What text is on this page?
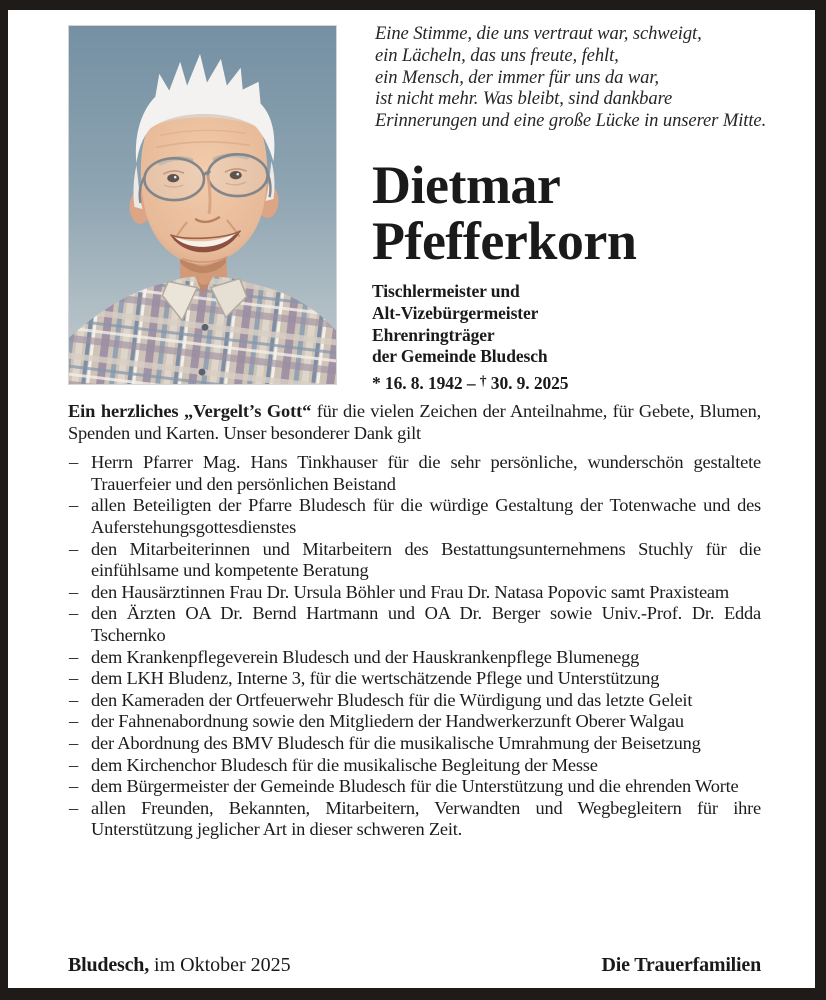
Eine Stimme, die uns vertraut war, schweigt,
ein Lächeln, das uns freute, fehlt,
ein Mensch, der immer für uns da war,
ist nicht mehr. Was bleibt, sind dankbare
Erinnerungen und eine große Lücke in unserer Mitte.
Dietmar
Pfefferkorn
Tischlermeister und
Alt-Vizebürgermeister
Ehrenringträger
der Gemeinde Bludesch
* 16. 8. 1942 – † 30. 9. 2025
Ein herzliches „Vergelt’s Gott“ für die vielen Zeichen der Anteilnahme, für Gebete, Blumen, Spenden und Karten. Unser besonderer Dank gilt
– Herrn Pfarrer Mag. Hans Tinkhauser für die sehr persönliche, wunderschön gestaltete Trauerfeier und den persönlichen Beistand
– allen Beteiligten der Pfarre Bludesch für die würdige Gestaltung der Totenwache und des Auferstehungsgottesdienstes
– den Mitarbeiterinnen und Mitarbeitern des Bestattungsunternehmens Stuchly für die einfühlsame und kompetente Beratung
– den Hausärztinnen Frau Dr. Ursula Böhler und Frau Dr. Natasa Popovic samt Praxisteam
– den Ärzten OA Dr. Bernd Hartmann und OA Dr. Berger sowie Univ.-Prof. Dr. Edda Tschernko
– dem Krankenpflegeverein Bludesch und der Hauskrankenpflege Blumenegg
– dem LKH Bludenz, Interne 3, für die wertschätzende Pflege und Unterstützung
– den Kameraden der Ortfeuerwehr Bludesch für die Würdigung und das letzte Geleit
– der Fahnenabordnung sowie den Mitgliedern der Handwerkerzunft Oberer Walgau
– der Abordnung des BMV Bludesch für die musikalische Umrahmung der Beisetzung
– dem Kirchenchor Bludesch für die musikalische Begleitung der Messe
– dem Bürgermeister der Gemeinde Bludesch für die Unterstützung und die ehrenden Worte
– allen Freunden, Bekannten, Mitarbeitern, Verwandten und Wegbegleitern für ihre Unterstützung jeglicher Art in dieser schweren Zeit.
Bludesch, im Oktober 2025	Die Trauerfamilien
